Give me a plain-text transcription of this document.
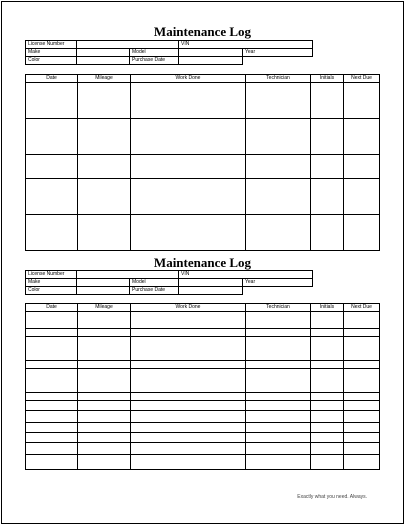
Maintenance Log
License Number			VIN	
Make		Model		Year
Color		Purchase Date		
Date	Mileage	Work Done	Technician	Initials	Next Due

Maintenance Log
License Number			VIN	
Make		Model		Year
Color		Purchase Date		
Date	Mileage	Work Done	Technician	Initials	Next Due

Exactly what you need. Always.
